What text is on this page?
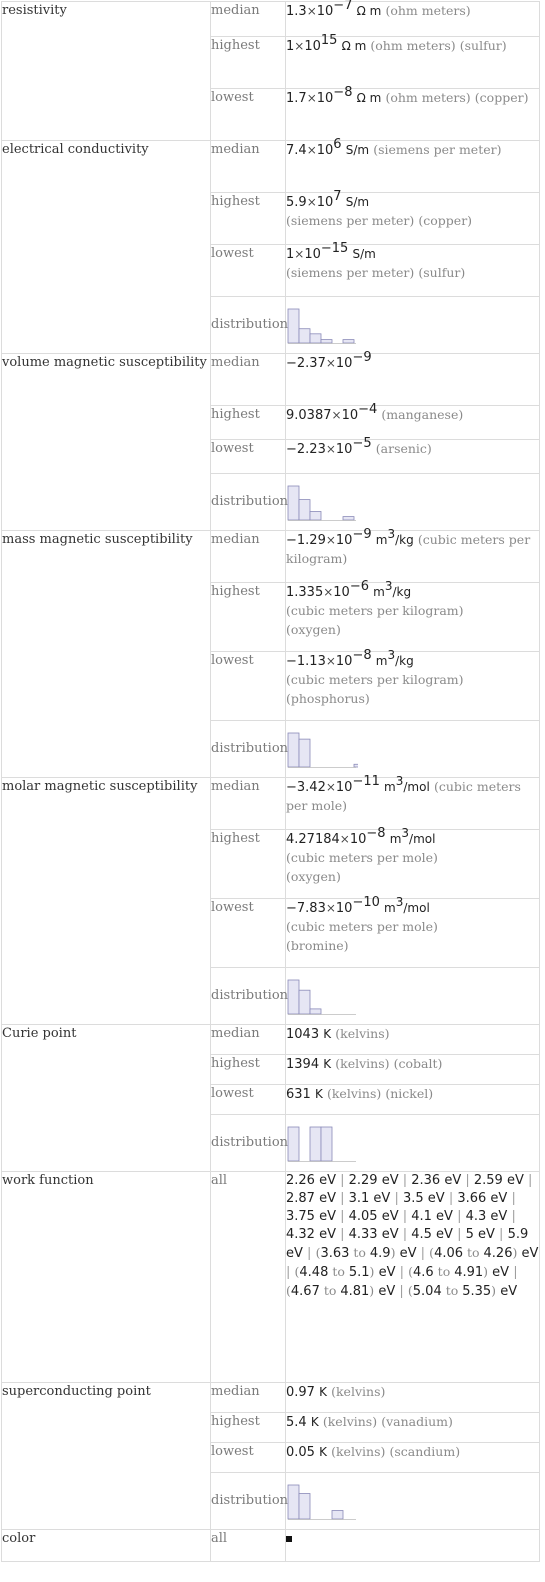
resistivity	median	$1.3\times 10^{-7}$ Ω m (ohm meters)
	highest	$1\times 10^{15}$ Ω m (ohm meters) (sulfur)
	lowest	$1.7\times 10^{-8}$ Ω m (ohm meters) (copper)
electrical conductivity	median	$7.4\times 10^6$ S/m (siemens per meter)
	highest	$5.9\times 10^7$ S/m
(siemens per meter) (copper)
	lowest	$1\times 10^{-15}$ S/m
(siemens per meter) (sulfur)
	distribution	

volume magnetic susceptibility	median	$-2.37\times 10^{-9}$
	highest	$9.0387\times 10^{-4}$ (manganese)
	lowest	$-2.23\times 10^{-5}$ (arsenic)
	distribution	

mass magnetic susceptibility	median	$-1.29\times 10^{-9}$ $m^3/kg$ (cubic meters per kilogram)
	highest	$1.335\times 10^{-6}$ $m^3/kg$
(cubic meters per kilogram)
(oxygen)
	lowest	$-1.13\times 10^{-8}$ $m^3/kg$
(cubic meters per kilogram)
(phosphorus)
	distribution	

molar magnetic susceptibility	median	$-3.42\times 10^{-11}$ $m^3$/mol (cubic meters per mole)
	highest	$4.27184\times 10^{-8}$ $m^3$/mol
(cubic meters per mole)
(oxygen)
	lowest	$-7.83\times 10^{-10}$ $m^3$/mol
(cubic meters per mole)
(bromine)
	distribution	

Curie point	median	1043 K (kelvins)
	highest	1394 K (kelvins) (cobalt)
	lowest	631 K (kelvins) (nickel)
	distribution	

work function	all	2.26 eV | 2.29 eV | 2.36 eV | 2.59 eV | 2.87 eV | 3.1 eV | 3.5 eV | 3.66 eV | 3.75 eV | 4.05 eV | 4.1 eV | 4.3 eV | 4.32 eV | 4.33 eV | 4.5 eV | 5 eV | 5.9 eV | (3.63 to 4.9) eV | (4.06 to 4.26) eV | (4.48 to 5.1) eV | (4.6 to 4.91) eV | (4.67 to 4.81) eV | (5.04 to 5.35) eV
superconducting point	median	0.97 K (kelvins)
	highest	5.4 K (kelvins) (vanadium)
	lowest	0.05 K (kelvins) (scandium)
	distribution	

color	all	
